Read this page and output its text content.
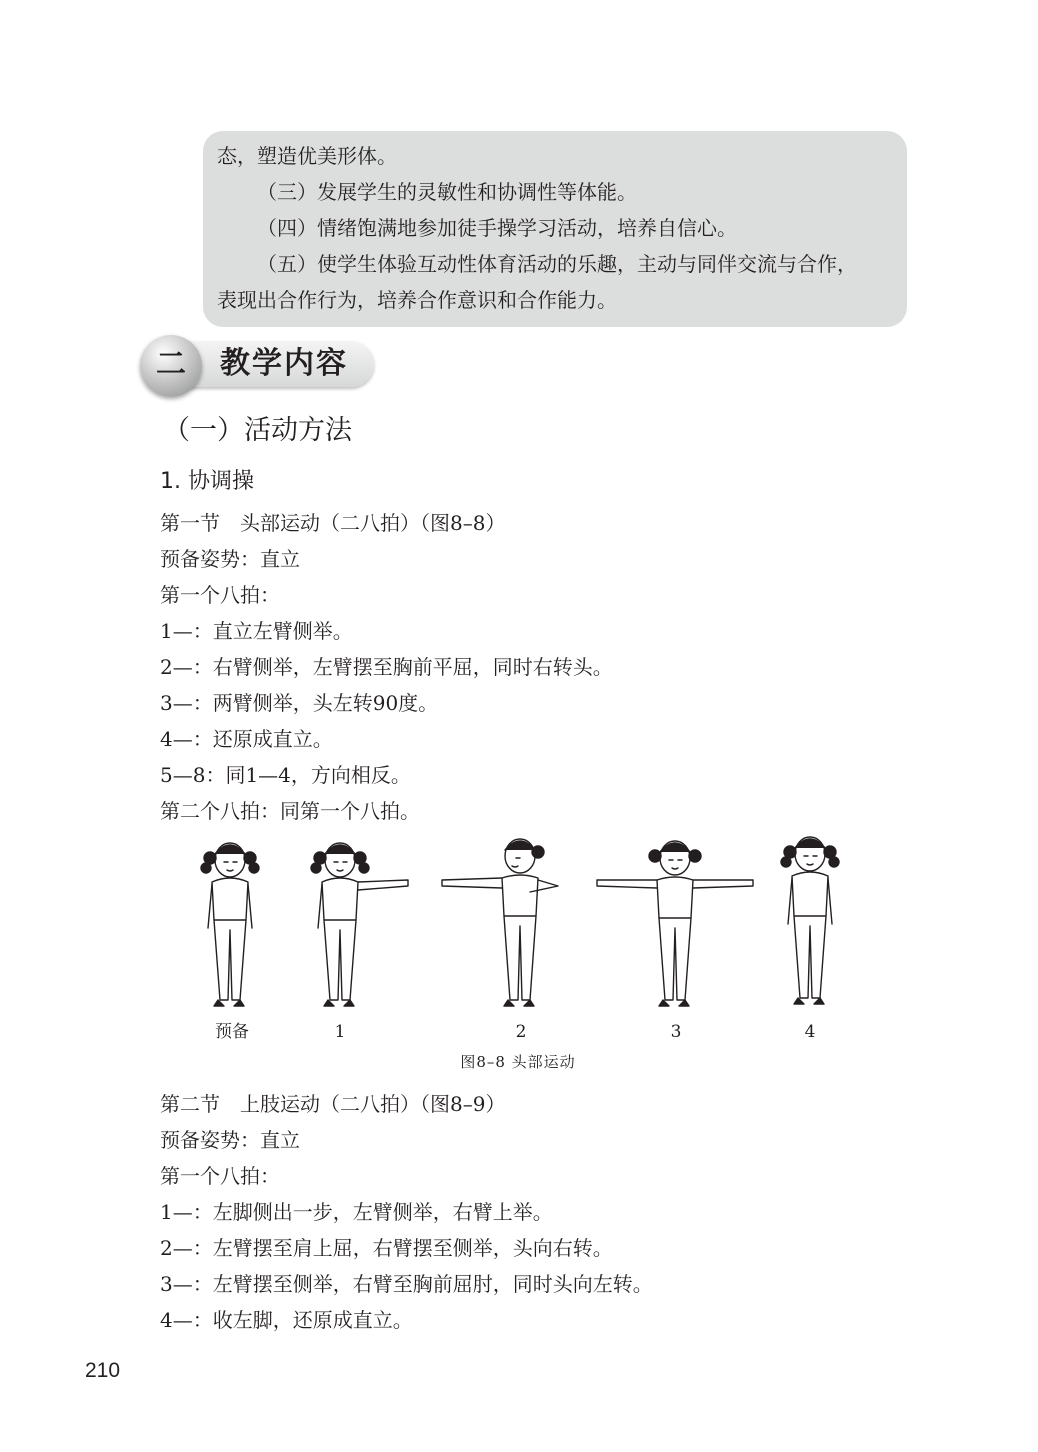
态，塑造优美形体。
（三）发展学生的灵敏性和协调性等体能。
（四）情绪饱满地参加徒手操学习活动，培养自信心。
（五）使学生体验互动性体育活动的乐趣，主动与同伴交流与合作，
表现出合作行为，培养合作意识和合作能力。
二	教学内容
（一）活动方法
1. 协调操
第一节　头部运动（二八拍）（图8–8）
预备姿势：直立
第一个八拍：
1—：直立左臂侧举。
2—：右臂侧举，左臂摆至胸前平屈，同时右转头。
3—：两臂侧举，头左转90度。
4—：还原成直立。
5—8：同1—4，方向相反。
第二个八拍：同第一个八拍。
预备	1	2	3	4
图8–8 头部运动
第二节　上肢运动（二八拍）（图8–9）
预备姿势：直立
第一个八拍：
1—：左脚侧出一步，左臂侧举，右臂上举。
2—：左臂摆至肩上屈，右臂摆至侧举，头向右转。
3—：左臂摆至侧举，右臂至胸前屈肘，同时头向左转。
4—：收左脚，还原成直立。
210
